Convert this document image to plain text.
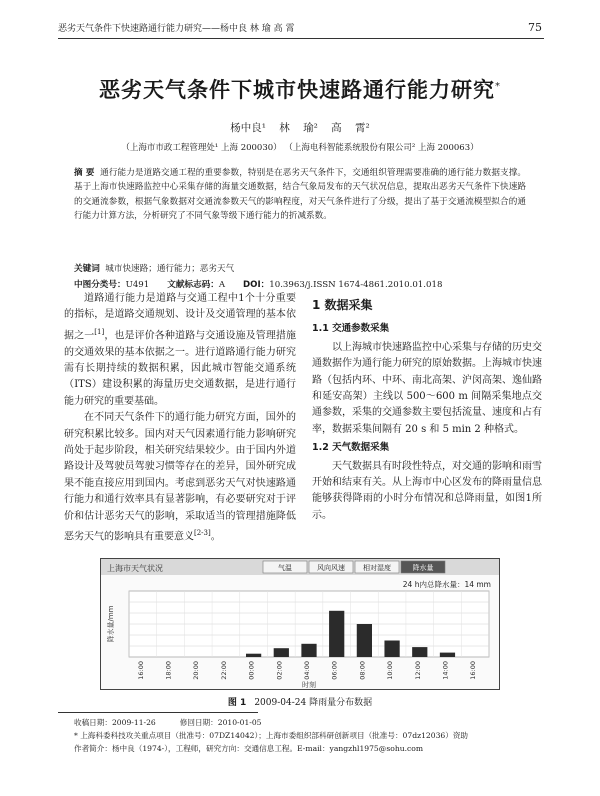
恶劣天气条件下快速路通行能力研究——杨中良 林 瑜 高 霄	75
恶劣天气条件下城市快速路通行能力研究*
杨中良¹ 林 瑜² 高 霄²
（上海市市政工程管理处¹ 上海 200030） （上海电科智能系统股份有限公司² 上海 200063）
摘 要 通行能力是道路交通工程的重要参数，特别是在恶劣天气条件下，交通组织管理需要准确的通行能力数据支撑。基于上海市快速路监控中心采集存储的海量交通数据，结合气象局发布的天气状况信息，提取出恶劣天气条件下快速路的交通流参数，根据气象数据对交通流参数天气的影响程度，对天气条件进行了分级，提出了基于交通流模型拟合的通行能力计算方法，分析研究了不同气象等级下通行能力的折减系数。
关键词 城市快速路；通行能力；恶劣天气
中图分类号：U491 文献标志码：A DOI：10.3963/j.ISSN 1674-4861.2010.01.018

道路通行能力是道路与交通工程中1个十分重要的指标，是道路交通规划、设计及交通管理的基本依据之一[1]，也是评价各种道路与交通设施及管理措施的交通效果的基本依据之一。进行道路通行能力研究需有长期持续的数据积累，因此城市智能交通系统（ITS）建设积累的海量历史交通数据，是进行通行能力研究的重要基础。

在不同天气条件下的通行能力研究方面，国外的研究积累比较多。国内对天气因素通行能力影响研究尚处于起步阶段，相关研究结果较少。由于国内外道路设计及驾驶员驾驶习惯等存在的差异，国外研究成果不能直接应用到国内。考虑到恶劣天气对快速路通行能力和通行效率具有显著影响，有必要研究对于评价和估计恶劣天气的影响，采取适当的管理措施降低恶劣天气的影响具有重要意义[2-3]。

1 数据采集
1.1 交通参数采集

以上海城市快速路监控中心采集与存储的历史交通数据作为通行能力研究的原始数据。上海城市快速路（包括内环、中环、南北高架、沪闵高架、逸仙路和延安高架）主线以 500～600 m 间隔采集地点交通参数，采集的交通参数主要包括流量、速度和占有率，数据采集间隔有 20 s 和 5 min 2 种格式。

1.2 天气数据采集

天气数据具有时段性特点，对交通的影响和雨雪开始和结束有关。从上海市中心区发布的降雨量信息能够获得降雨的小时分布情况和总降雨量，如图1所示。

上海市天气状况	气温	风向风速	相对湿度	降水量
24 h内总降水量：14 mm
16:00	18:00	20:00	22:00	00:00	02:00	04:00	06:00	08:00	10:00	12:00	14:00	16:00
降水量/mm
时刻
图 1 2009-04-24 降雨量分布数据
收稿日期：2009-11-26	修回日期：2010-01-05
* 上海科委科技攻关重点项目（批准号：07DZ14042）；上海市委组织部科研创新项目（批准号：07dz12036）资助
作者简介：杨中良（1974-），工程师，研究方向：交通信息工程。E-mail：yangzhl1975@sohu.com
